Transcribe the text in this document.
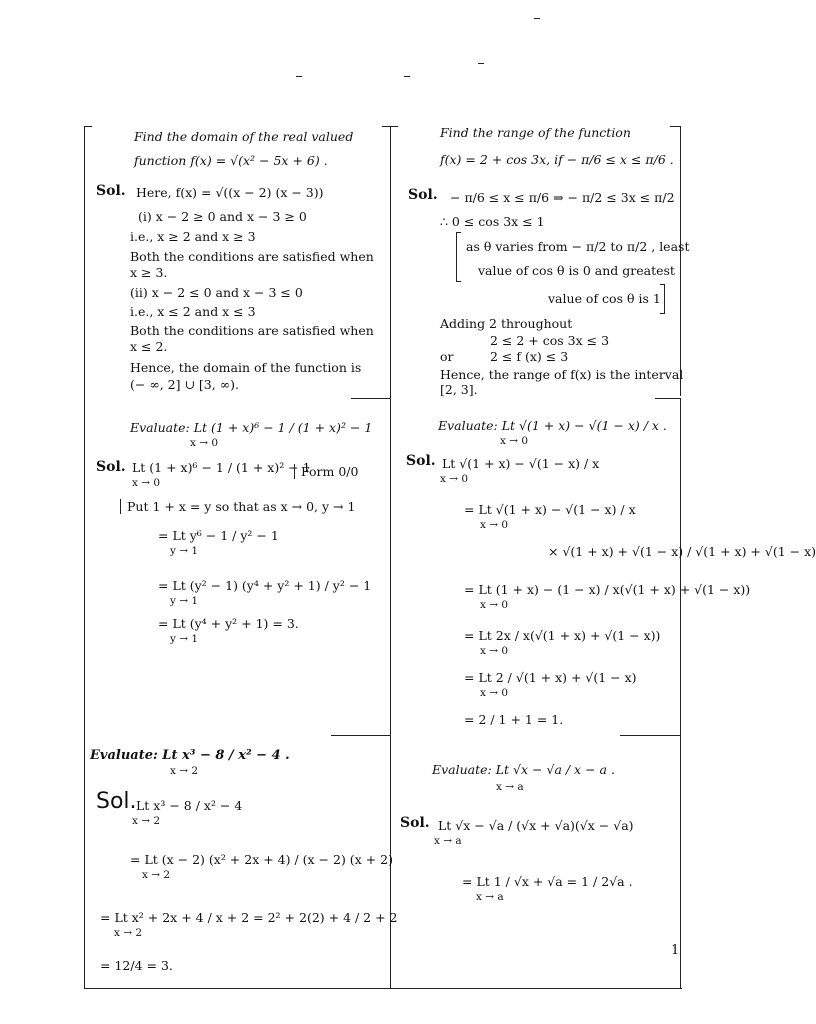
Find the domain of the real valued
function f(x) = √(x² − 5x + 6) .
Sol. Here, f(x) = √((x − 2) (x − 3))
(i) x − 2 ≥ 0 and x − 3 ≥ 0
i.e., x ≥ 2 and x ≥ 3
Both the conditions are satisfied when
x ≥ 3.
(ii) x − 2 ≤ 0 and x − 3 ≤ 0
i.e., x ≤ 2 and x ≤ 3
Both the conditions are satisfied when
x ≤ 2.
Hence, the domain of the function is
(− ∞, 2] ∪ [3, ∞).
Find the range of the function
f(x) = 2 + cos 3x, if − π/6 ≤ x ≤ π/6 .
Sol. − π/6 ≤ x ≤ π/6 ⇒ − π/2 ≤ 3x ≤ π/2
∴ 0 ≤ cos 3x ≤ 1
as θ varies from − π/2 to π/2 , least
value of cos θ is 0 and greatest
value of cos θ is 1
Adding 2 throughout
2 ≤ 2 + cos 3x ≤ 3
or	2 ≤ f (x) ≤ 3
Hence, the range of f(x) is the interval
[2, 3].
Evaluate: Lt (1 + x)⁶ − 1 / (1 + x)² − 1
x → 0
Sol. Lt (1 + x)⁶ − 1 / (1 + x)² − 1
x → 0
Form 0/0
Put 1 + x = y so that as x → 0, y → 1
= Lt y⁶ − 1 / y² − 1
y → 1
= Lt (y² − 1) (y⁴ + y² + 1) / y² − 1
y → 1
= Lt (y⁴ + y² + 1) = 3.
y → 1
Evaluate: Lt √(1 + x) − √(1 − x) / x .
x → 0
Sol. Lt √(1 + x) − √(1 − x) / x
x → 0
= Lt √(1 + x) − √(1 − x) / x
x → 0
× √(1 + x) + √(1 − x) / √(1 + x) + √(1 − x)
= Lt (1 + x) − (1 − x) / x(√(1 + x) + √(1 − x))
x → 0
= Lt 2x / x(√(1 + x) + √(1 − x))
x → 0
= Lt 2 / √(1 + x) + √(1 − x)
x → 0
= 2 / 1 + 1 = 1.
Evaluate: Lt x³ − 8 / x² − 4 .
x → 2
Sol. Lt x³ − 8 / x² − 4
x → 2
= Lt (x − 2) (x² + 2x + 4) / (x − 2) (x + 2)
x → 2
= Lt x² + 2x + 4 / x + 2 = 2² + 2(2) + 4 / 2 + 2
x → 2
= 12/4 = 3.
Evaluate: Lt √x − √a / x − a .
x → a
Sol. Lt √x − √a / (√x + √a)(√x − √a)
x → a
= Lt 1 / √x + √a = 1 / 2√a .
x → a
1
